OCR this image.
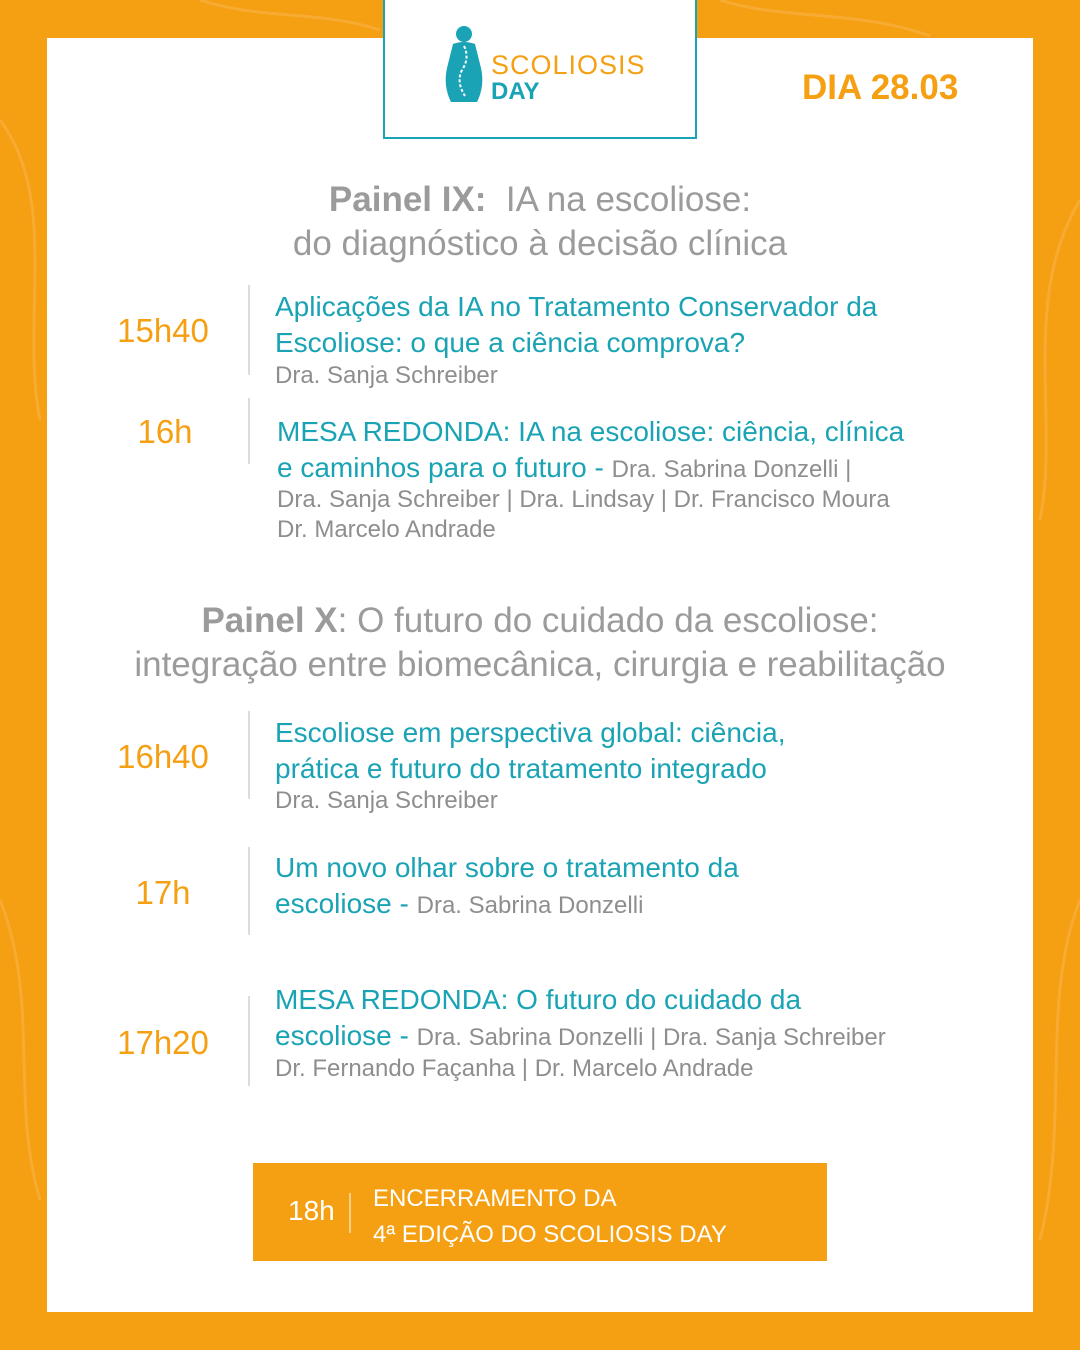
SCOLIOSIS
DAY	DIA 28.03
Painel IX: IA na escoliose:
do diagnóstico à decisão clínica
15h40
Aplicações da IA no Tratamento Conservador da
Escoliose: o que a ciência comprova?
Dra. Sanja Schreiber
16h	MESA REDONDA: IA na escoliose: ciência, clínica
e caminhos para o futuro - Dra. Sabrina Donzelli |
Dra. Sanja Schreiber | Dra. Lindsay | Dr. Francisco Moura
Dr. Marcelo Andrade
Painel X: O futuro do cuidado da escoliose:
integração entre biomecânica, cirurgia e reabilitação
16h40
Escoliose em perspectiva global: ciência,
prática e futuro do tratamento integrado
Dra. Sanja Schreiber
17h
Um novo olhar sobre o tratamento da
escoliose - Dra. Sabrina Donzelli
17h20
MESA REDONDA: O futuro do cuidado da
escoliose - Dra. Sabrina Donzelli | Dra. Sanja Schreiber
Dr. Fernando Façanha | Dr. Marcelo Andrade
18h ENCERRAMENTO DA
4ª EDIÇÃO DO SCOLIOSIS DAY
